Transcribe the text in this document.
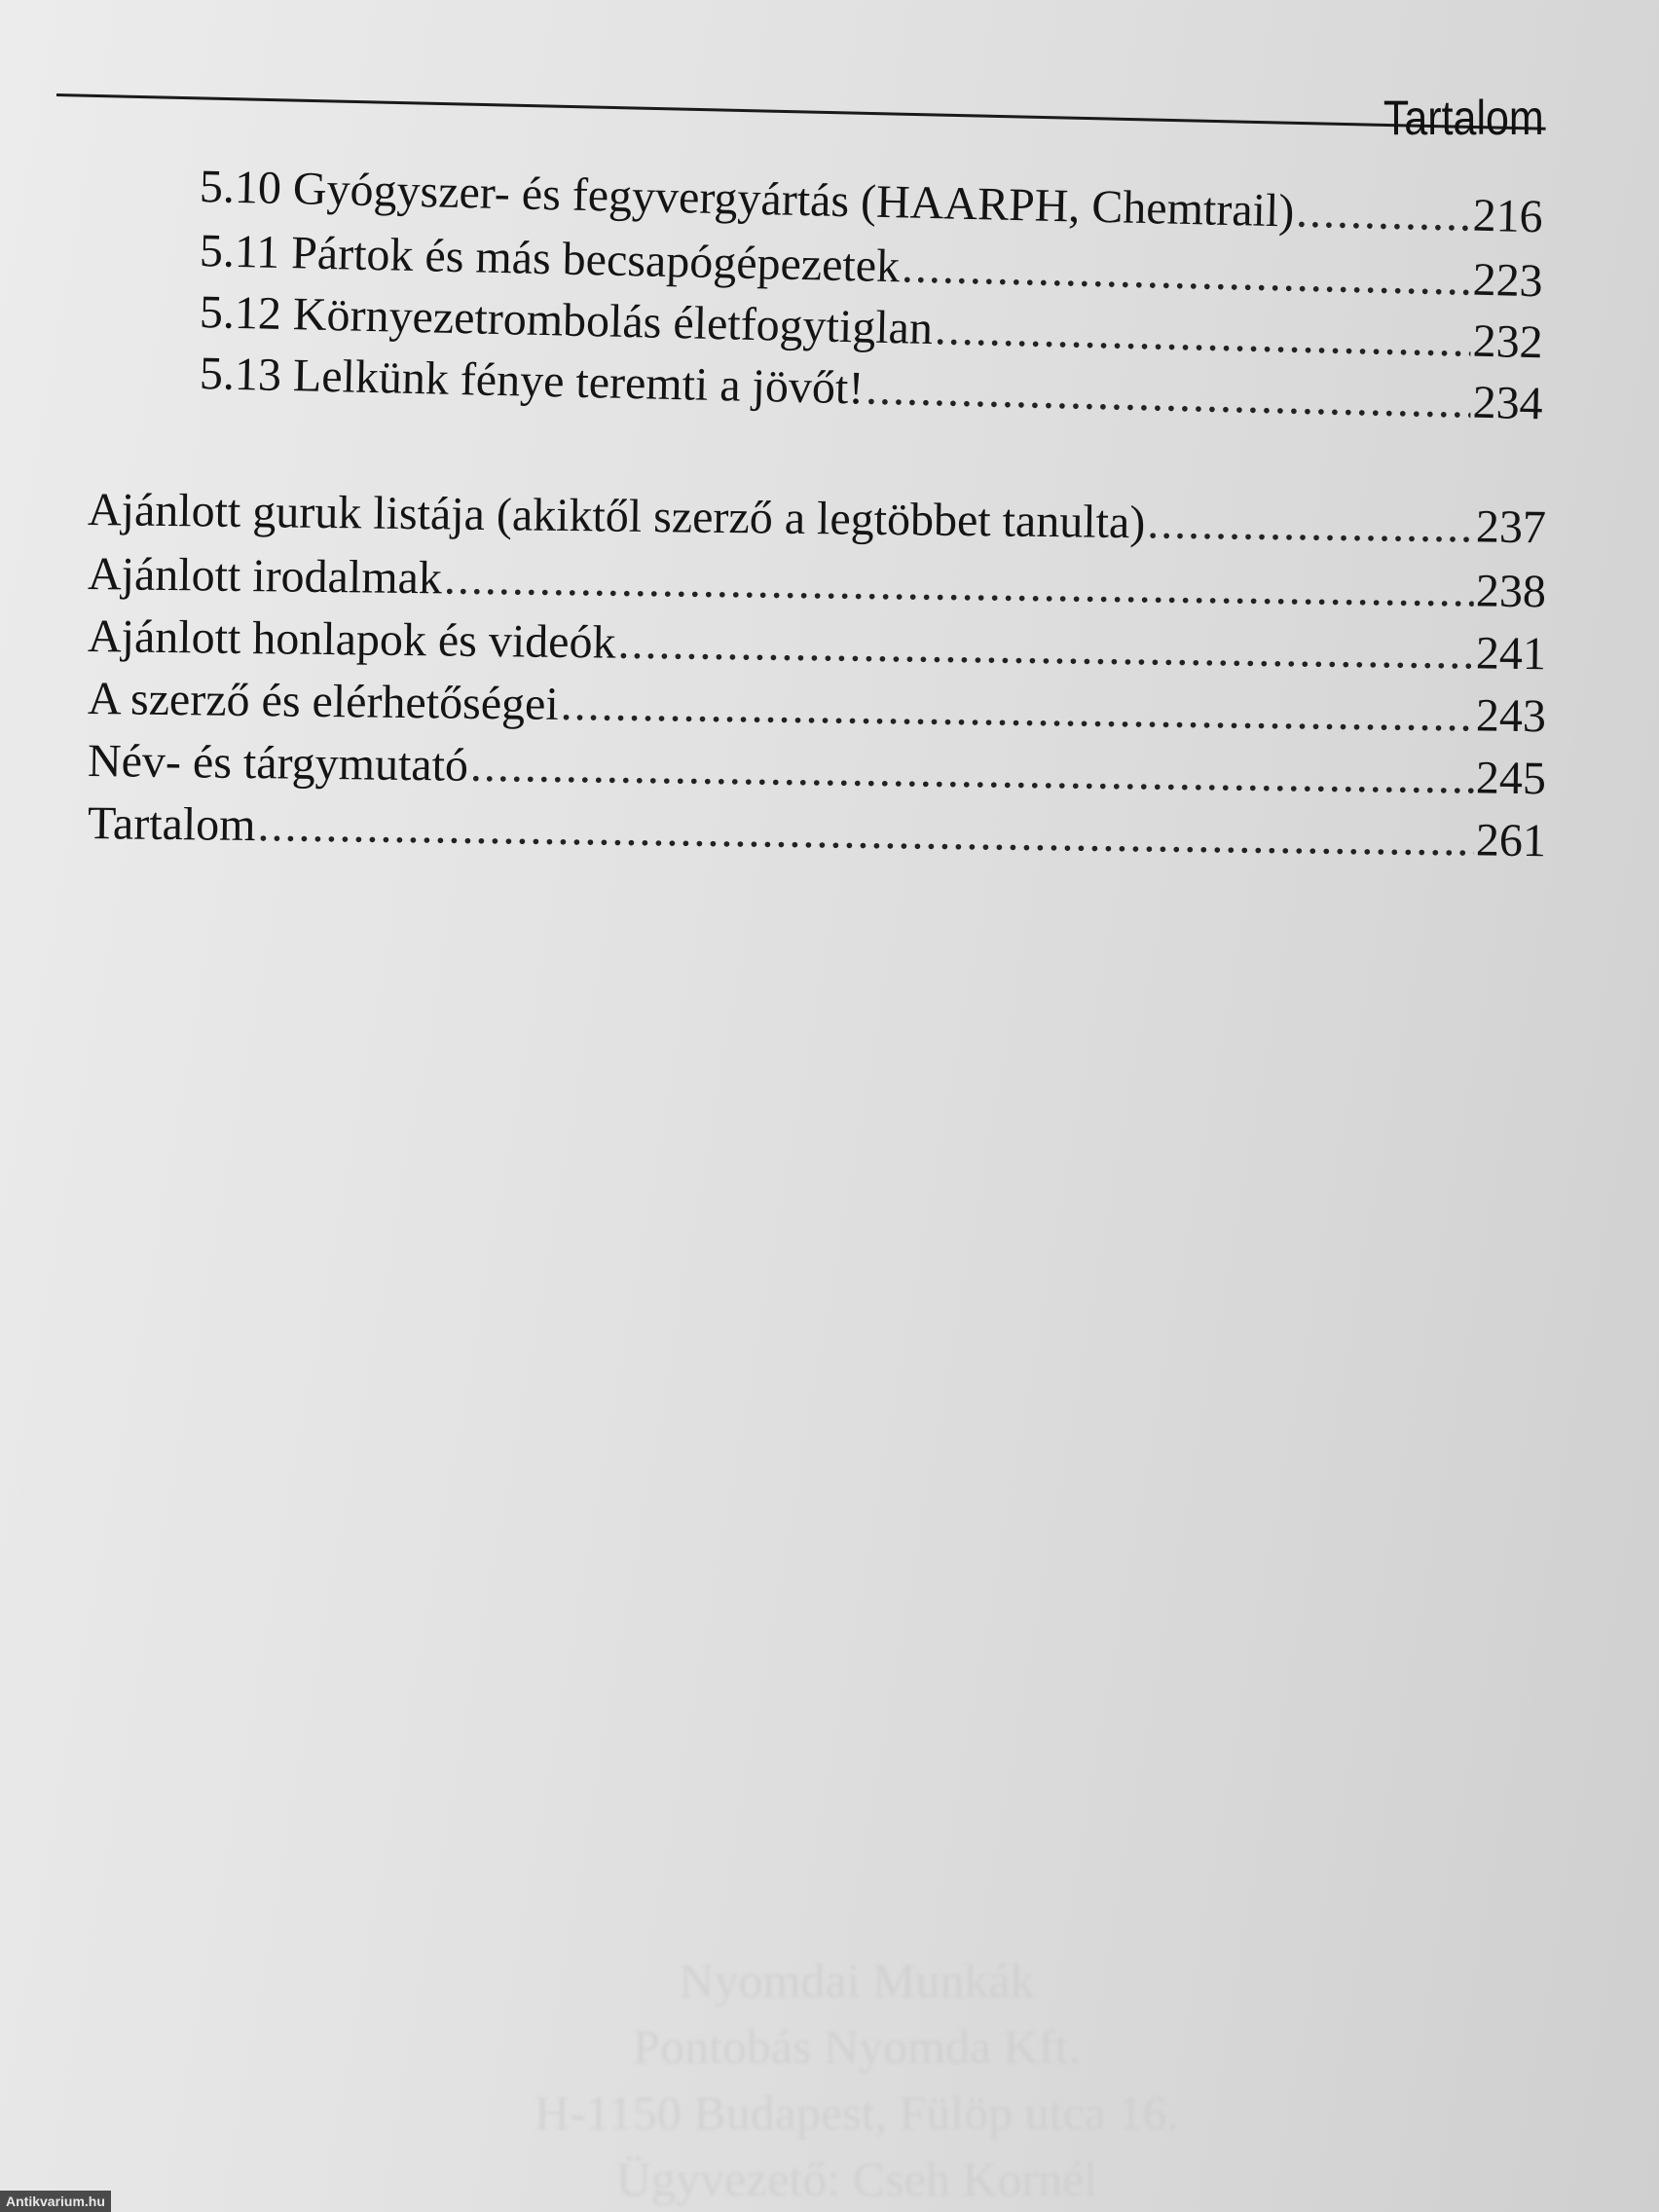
Tartalom
5.10 Gyógyszer- és fegyvergyártás (HAARPH, Chemtrail) .....	216
5.11 Pártok és más becsapógépezetek .....	223
5.12 Környezetrombolás életfogytiglan .....	232
5.13 Lelkünk fénye teremti a jövőt! .....	234
Ajánlott guruk listája (akiktől szerző a legtöbbet tanulta) .....	237
Ajánlott irodalmak .....	238
Ajánlott honlapok és videók .....	241
A szerző és elérhetőségei .....	243
Név- és tárgymutató .....	245
Tartalom .....	261
Nyomdai Munkák
Pontobás Nyomda Kft.
H-1150 Budapest, Fülöp utca 16.
Ügyvezető: Cseh Kornél
Antikvarium.hu
